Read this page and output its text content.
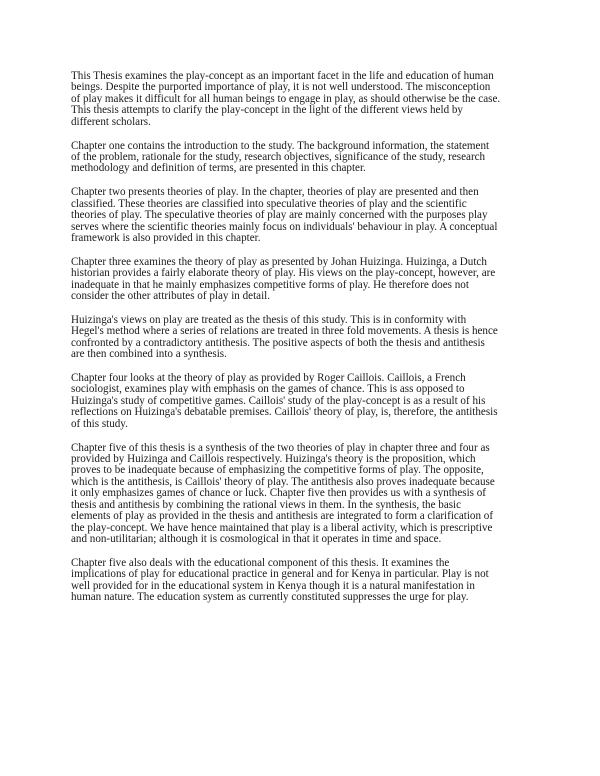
This Thesis examines the play-concept as an important facet in the life and education of human
beings. Despite the purported importance of play, it is not well understood. The misconception
of play makes it difficult for all human beings to engage in play, as should otherwise be the case.
This thesis attempts to clarify the play-concept in the light of the different views held by
different scholars.
Chapter one contains the introduction to the study. The background information, the statement
of the problem, rationale for the study, research objectives, significance of the study, research
methodology and definition of terms, are presented in this chapter.
Chapter two presents theories of play. In the chapter, theories of play are presented and then
classified. These theories are classified into speculative theories of play and the scientific
theories of play. The speculative theories of play are mainly concerned with the purposes play
serves where the scientific theories mainly focus on individuals' behaviour in play. A conceptual
framework is also provided in this chapter.
Chapter three examines the theory of play as presented by Johan Huizinga. Huizinga, a Dutch
historian provides a fairly elaborate theory of play. His views on the play-concept, however, are
inadequate in that he mainly emphasizes competitive forms of play. He therefore does not
consider the other attributes of play in detail.
Huizinga's views on play are treated as the thesis of this study. This is in conformity with
Hegel's method where a series of relations are treated in three fold movements. A thesis is hence
confronted by a contradictory antithesis. The positive aspects of both the thesis and antithesis
are then combined into a synthesis.
Chapter four looks at the theory of play as provided by Roger Caillois. Caillois, a French
sociologist, examines play with emphasis on the games of chance. This is ass opposed to
Huizinga's study of competitive games. Caillois' study of the play-concept is as a result of his
reflections on Huizinga's debatable premises. Caillois' theory of play, is, therefore, the antithesis
of this study.
Chapter five of this thesis is a synthesis of the two theories of play in chapter three and four as
provided by Huizinga and Caillois respectively. Huizinga's theory is the proposition, which
proves to be inadequate because of emphasizing the competitive forms of play. The opposite,
which is the antithesis, is Caillois' theory of play. The antithesis also proves inadequate because
it only emphasizes games of chance or luck. Chapter five then provides us with a synthesis of
thesis and antithesis by combining the rational views in them. In the synthesis, the basic
elements of play as provided in the thesis and antithesis are integrated to form a clarification of
the play-concept. We have hence maintained that play is a liberal activity, which is prescriptive
and non-utilitarian; although it is cosmological in that it operates in time and space.
Chapter five also deals with the educational component of this thesis. It examines the
implications of play for educational practice in general and for Kenya in particular. Play is not
well provided for in the educational system in Kenya though it is a natural manifestation in
human nature. The education system as currently constituted suppresses the urge for play.
